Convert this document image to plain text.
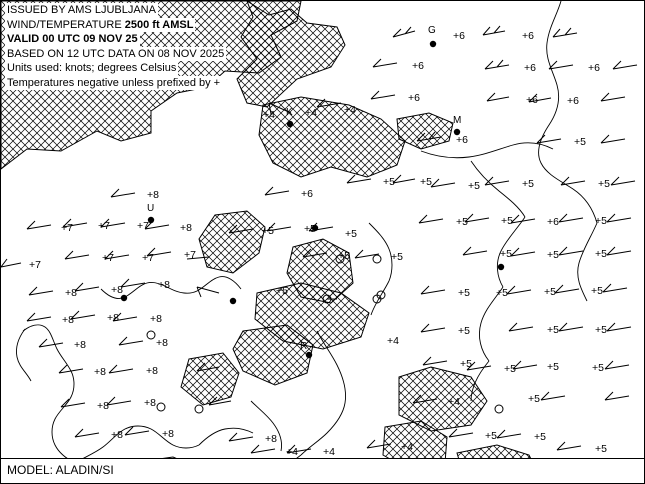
ISSUED BY AMS LJUBLJANA
WIND/TEMPERATURE 2500 ft AMSL
VALID 00 UTC 09 NOV 25
BASED ON 12 UTC DATA ON 08 NOV 2025
Units used: knots; degrees Celsius
Temperatures negative unless prefixed by +
G
K
M
U
R
+6	+6
+6	+6	+6
+6	+6	+6
+4	+4	+4
+6	+5
+5 +5	+5	+5	+5
+8	+6
+5	+5	+5
+5	+5	+6	+5
+7 +7	+7	+8
+7
+7	+7	+7	+5	+5	+5	+5	+5
+8	+8	+8	+5	+5 +5	+5	+5
+8	+8	+8
+4
+5	+5	+5
+8	+8
+8	+8
+5	+5	+5	+5
+8	+8	+4	+5
+8	+8	+8	+5	+5
+4
+4 +4	+5
MODEL: ALADIN/SI
